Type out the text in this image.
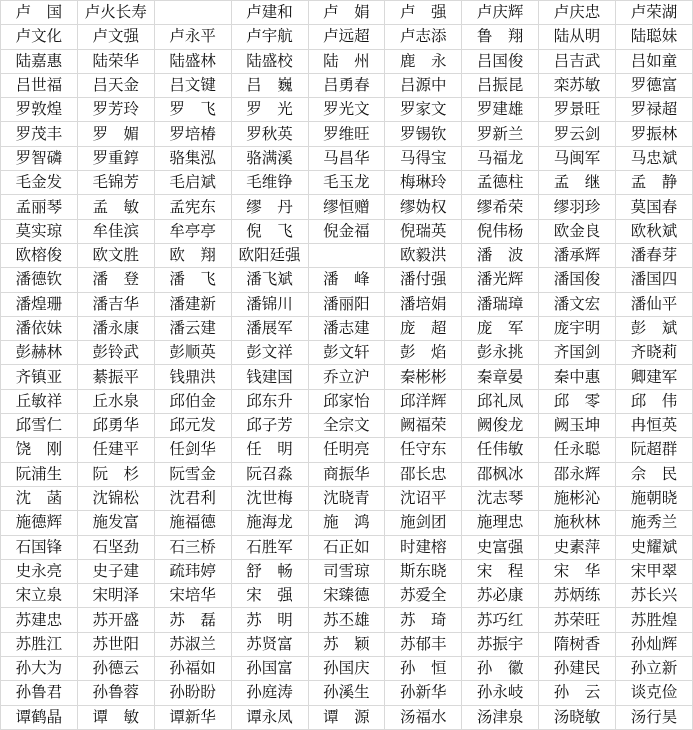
卢　国	卢火长寿		卢建和	卢　娟	卢　强	卢庆辉	卢庆忠	卢荣湖
卢文化	卢文强	卢永平	卢宇航	卢远超	卢志添	鲁　翔	陆从明	陆聪妹
陆嘉惠	陆荣华	陆盛林	陆盛校	陆　州	鹿　永	吕国俊	吕吉武	吕如童
吕世福	吕天金	吕文键	吕　巍	吕勇春	吕源中	吕振昆	栾苏敏	罗德富
罗敦煌	罗芳玲	罗　飞	罗　光	罗光文	罗家文	罗建雄	罗景旺	罗禄超
罗茂丰	罗　媚	罗培椿	罗秋英	罗维旺	罗锡钦	罗新兰	罗云剑	罗振林
罗智磷	罗重錞	骆集泓	骆满溪	马昌华	马得宝	马福龙	马闽军	马忠斌
毛金发	毛锦芳	毛启斌	毛维铮	毛玉龙	梅琳玲	孟德柱	孟　继	孟　静
孟丽琴	孟　敏	孟宪东	缪　丹	缪恒赠	缪妫权	缪希荣	缪羽珍	莫国春
莫实琼	牟佳滨	牟亭亭	倪　飞	倪金福	倪瑞英	倪伟杨	欧金良	欧秋斌
欧榕俊	欧文胜	欧　翔	欧阳廷强		欧毅洪	潘　波	潘承辉	潘春芽
潘德钦	潘　登	潘　飞	潘飞斌	潘　峰	潘付强	潘光辉	潘国俊	潘国四
潘煌珊	潘吉华	潘建新	潘锦川	潘丽阳	潘培娟	潘瑞璋	潘文宏	潘仙平
潘依妹	潘永康	潘云建	潘展军	潘志建	庞　超	庞　军	庞宇明	彭　斌
彭赫林	彭铃武	彭顺英	彭文祥	彭文轩	彭　焰	彭永挑	齐国剑	齐晓莉
齐镇亚	綦振平	钱鼎洪	钱建国	乔立沪	秦彬彬	秦章晏	秦中惠	卿建军
丘敏祥	丘水泉	邱伯金	邱东升	邱家怡	邱洋辉	邱礼凤	邱　零	邱　伟
邱雪仁	邱勇华	邱元发	邱子芳	全宗文	阙福荣	阙俊龙	阙玉坤	冉恒英
饶　刚	任建平	任剑华	任　明	任明亮	任守东	任伟敏	任永聪	阮超群
阮浦生	阮　杉	阮雪金	阮召淼	商振华	邵长忠	邵枫冰	邵永辉	佘　民
沈　菡	沈锦松	沈君利	沈世梅	沈晓青	沈诏平	沈志琴	施彬沁	施朝晓
施德辉	施发富	施福德	施海龙	施　鸿	施剑团	施理忠	施秋林	施秀兰
石国锋	石坚劲	石三桥	石胜军	石正如	时建榕	史富强	史素萍	史耀斌
史永亮	史子建	疏玮婷	舒　畅	司雪琼	斯东晓	宋　程	宋　华	宋甲翠
宋立泉	宋明泽	宋培华	宋　强	宋臻德	苏爱全	苏必康	苏炳练	苏长兴
苏建忠	苏开盛	苏　磊	苏　明	苏丕雄	苏　琦	苏巧红	苏荣旺	苏胜煌
苏胜江	苏世阳	苏淑兰	苏贤富	苏　颖	苏郁丰	苏振宇	隋树香	孙灿辉
孙大为	孙德云	孙福如	孙国富	孙国庆	孙　恒	孙　徽	孙建民	孙立新
孙鲁君	孙鲁蓉	孙盼盼	孙庭涛	孙溪生	孙新华	孙永岐	孙　云	谈克俭
谭鹤晶	谭　敏	谭新华	谭永凤	谭　源	汤福水	汤津泉	汤晓敏	汤行昊
